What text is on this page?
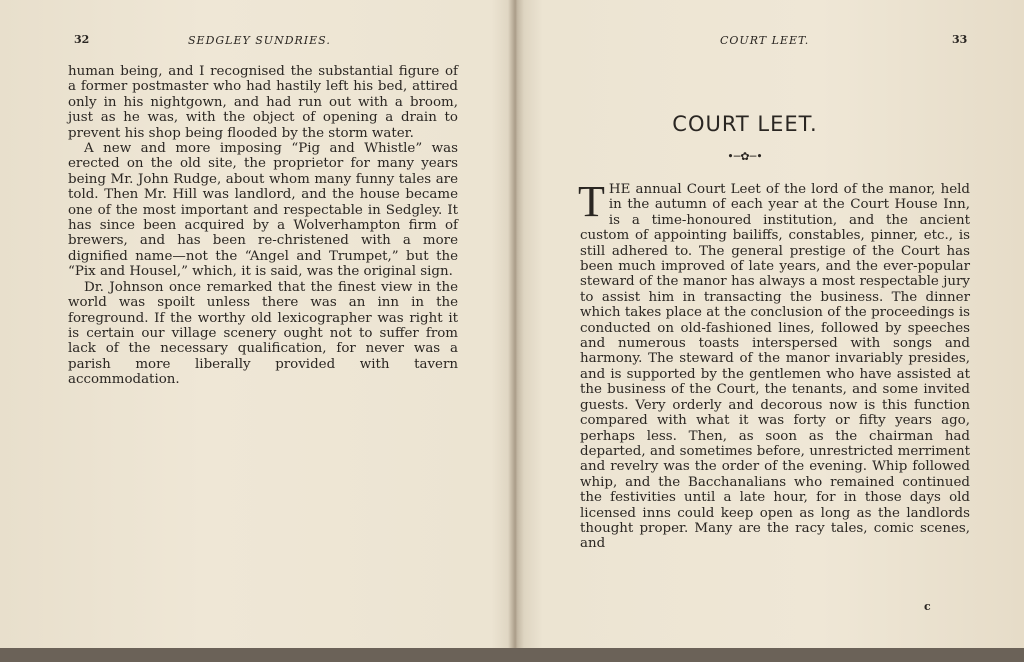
32	SEDGLEY SUNDRIES.

human being, and I recognised the substantial figure of a former postmaster who had hastily left his bed, attired only in his nightgown, and had run out with a broom, just as he was, with the object of opening a drain to prevent his shop being flooded by the storm water.

A new and more imposing “Pig and Whistle” was erected on the old site, the proprietor for many years being Mr. John Rudge, about whom many funny tales are told. Then Mr. Hill was landlord, and the house became one of the most important and respectable in Sedgley. It has since been acquired by a Wolverhampton firm of brewers, and has been re-christened with a more dignified name—not the “Angel and Trumpet,” but the “Pix and Housel,” which, it is said, was the original sign.

Dr. Johnson once remarked that the finest view in the world was spoilt unless there was an inn in the foreground. If the worthy old lexicographer was right it is certain our village scenery ought not to suffer from lack of the necessary qualification, for never was a parish more liberally provided with tavern accommodation.

COURT LEET.	33
COURT LEET.
•─✿─•

THE annual Court Leet of the lord of the manor, held in the autumn of each year at the Court House Inn, is a time-honoured institution, and the ancient custom of appointing bailiffs, constables, pinner, etc., is still adhered to. The general prestige of the Court has been much improved of late years, and the ever-popular steward of the manor has always a most respectable jury to assist him in transacting the business. The dinner which takes place at the conclusion of the proceedings is conducted on old-fashioned lines, followed by speeches and numerous toasts interspersed with songs and harmony. The steward of the manor invariably presides, and is supported by the gentlemen who have assisted at the business of the Court, the tenants, and some invited guests. Very orderly and decorous now is this function compared with what it was forty or fifty years ago, perhaps less. Then, as soon as the chairman had departed, and sometimes before, unrestricted merriment and revelry was the order of the evening. Whip followed whip, and the Bacchanalians who remained continued the festivities until a late hour, for in those days old licensed inns could keep open as long as the landlords thought proper. Many are the racy tales, comic scenes, and

c
